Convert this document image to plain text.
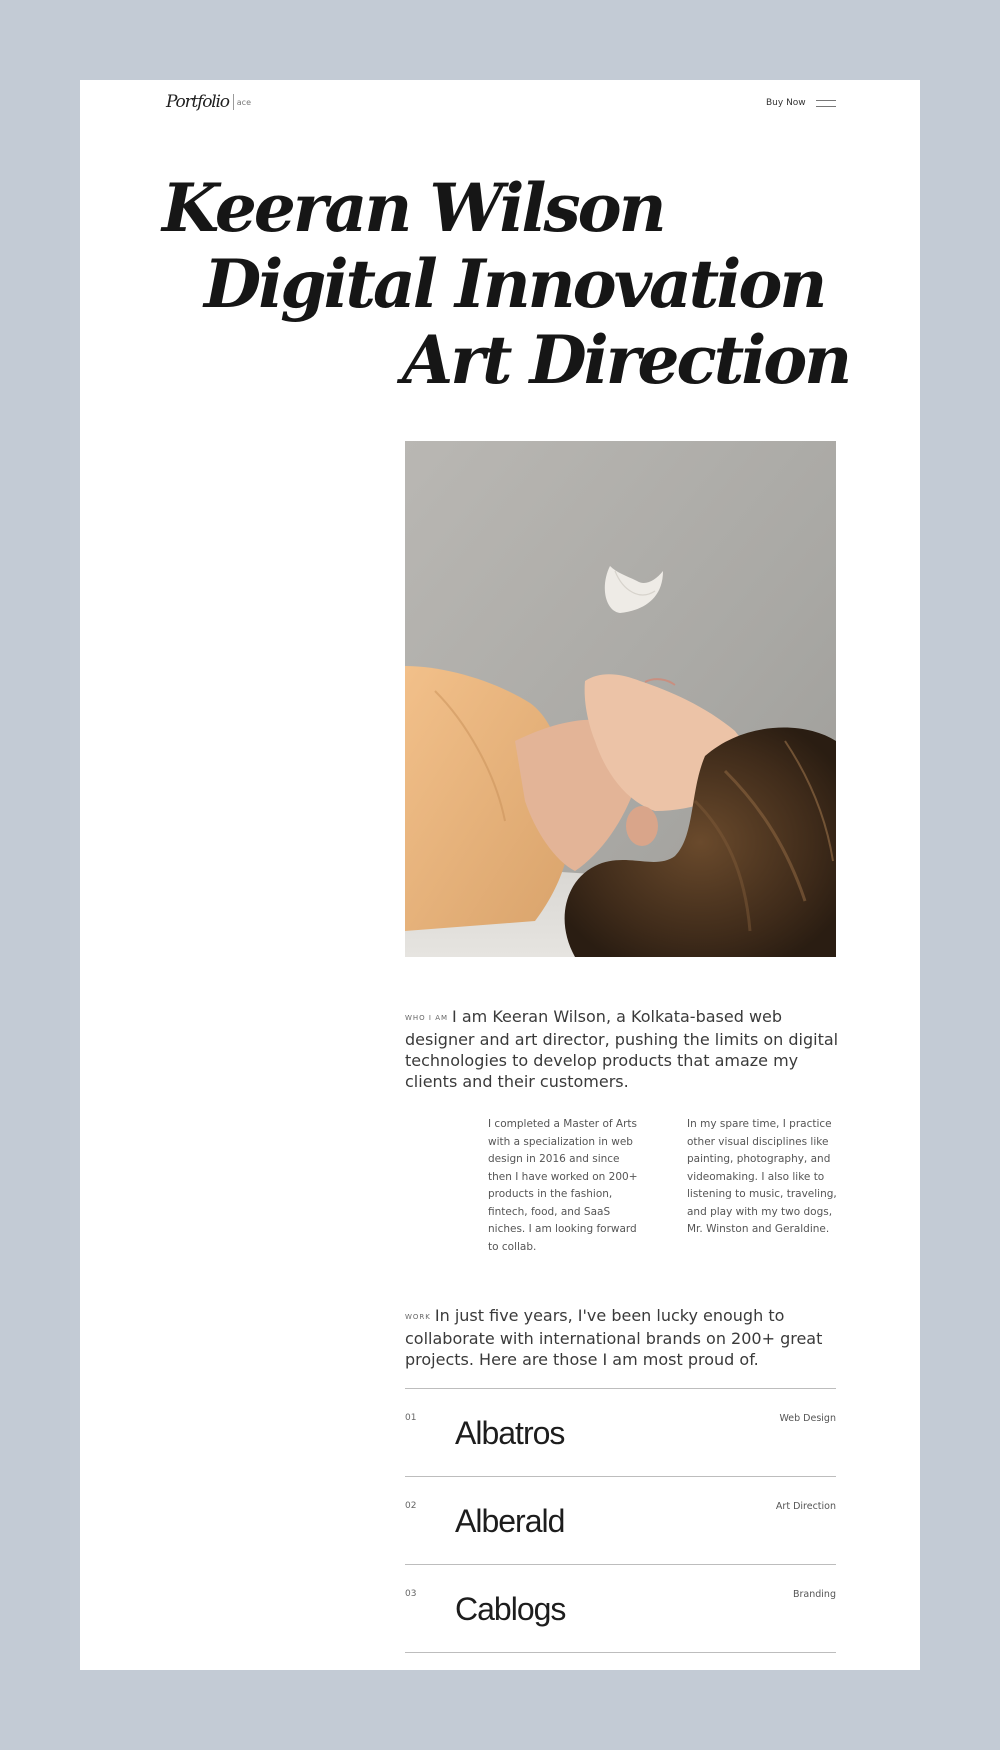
Portfolio ace	Buy Now
Keeran Wilson
Digital Innovation
Art Direction

WHO I AM I am Keeran Wilson, a Kolkata-based web designer and art director, pushing the limits on digital technologies to develop products that amaze my clients and their customers.

I completed a Master of Arts with a specialization in web design in 2016 and since then I have worked on 200+ products in the fashion, fintech, food, and SaaS niches. I am looking forward to collab.

In my spare time, I practice other visual disciplines like painting, photography, and videomaking. I also like to listening to music, traveling, and play with my two dogs, Mr. Winston and Geraldine.

WORK In just five years, I've been lucky enough to collaborate with international brands on 200+ great projects. Here are those I am most proud of.

01 Albatros	Web Design
02 Alberald	Art Direction
03 Cablogs	Branding
